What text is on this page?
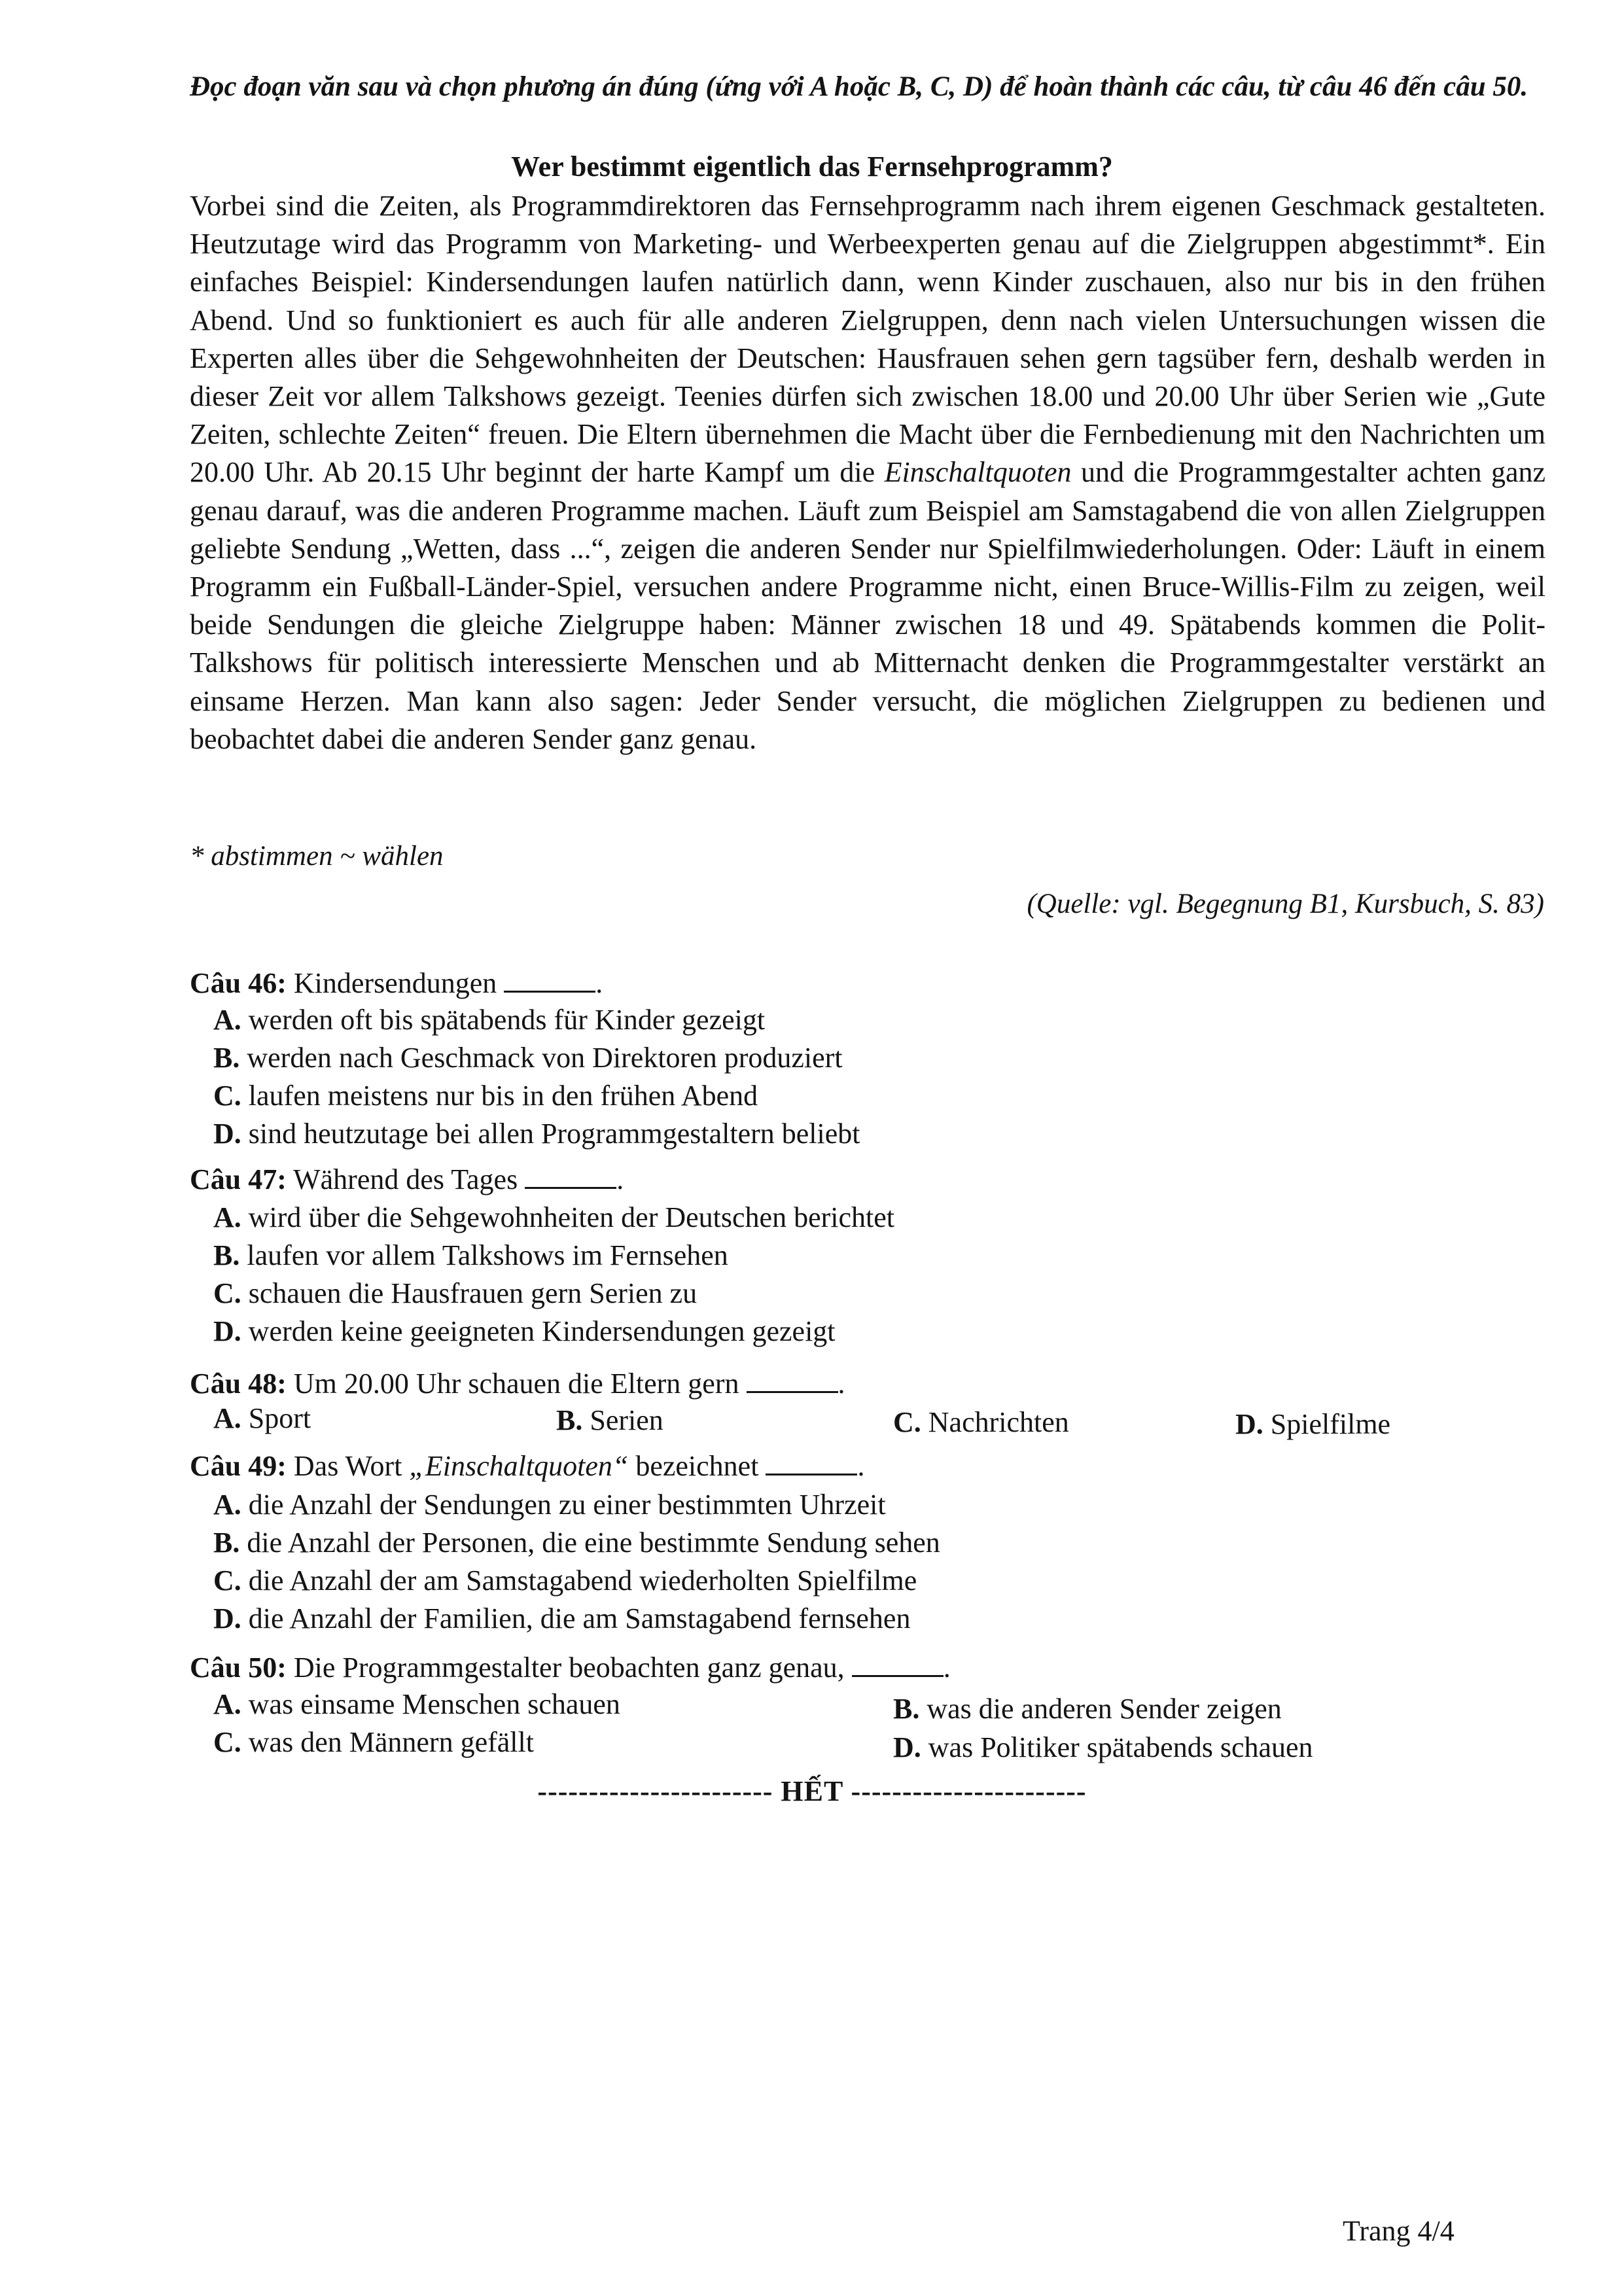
Đọc đoạn văn sau và chọn phương án đúng (ứng với A hoặc B, C, D) để hoàn thành các câu, từ câu 46 đến câu 50.
Wer bestimmt eigentlich das Fernsehprogramm?
Vorbei sind die Zeiten, als Programmdirektoren das Fernsehprogramm nach ihrem eigenen Geschmack gestalteten. Heutzutage wird das Programm von Marketing- und Werbeexperten genau auf die Zielgruppen abgestimmt*. Ein einfaches Beispiel: Kindersendungen laufen natürlich dann, wenn Kinder zuschauen, also nur bis in den frühen Abend. Und so funktioniert es auch für alle anderen Zielgruppen, denn nach vielen Untersuchungen wissen die Experten alles über die Sehgewohnheiten der Deutschen: Hausfrauen sehen gern tagsüber fern, deshalb werden in dieser Zeit vor allem Talkshows gezeigt. Teenies dürfen sich zwischen 18.00 und 20.00 Uhr über Serien wie „Gute Zeiten, schlechte Zeiten“ freuen. Die Eltern übernehmen die Macht über die Fernbedienung mit den Nachrichten um 20.00 Uhr. Ab 20.15 Uhr beginnt der harte Kampf um die Einschaltquoten und die Programmgestalter achten ganz genau darauf, was die anderen Programme machen. Läuft zum Beispiel am Samstagabend die von allen Zielgruppen geliebte Sendung „Wetten, dass ...“, zeigen die anderen Sender nur Spielfilmwiederholungen. Oder: Läuft in einem Programm ein Fußball-Länder-Spiel, versuchen andere Programme nicht, einen Bruce-Willis-Film zu zeigen, weil beide Sendungen die gleiche Zielgruppe haben: Männer zwischen 18 und 49. Spätabends kommen die Polit-Talkshows für politisch interessierte Menschen und ab Mitternacht denken die Programmgestalter verstärkt an einsame Herzen. Man kann also sagen: Jeder Sender versucht, die möglichen Zielgruppen zu bedienen und beobachtet dabei die anderen Sender ganz genau.
* abstimmen ~ wählen
(Quelle: vgl. Begegnung B1, Kursbuch, S. 83)
Câu 46: Kindersendungen	.
A. werden oft bis spätabends für Kinder gezeigt
B. werden nach Geschmack von Direktoren produziert
C. laufen meistens nur bis in den frühen Abend
D. sind heutzutage bei allen Programmgestaltern beliebt
Câu 47: Während des Tages	.
A. wird über die Sehgewohnheiten der Deutschen berichtet
B. laufen vor allem Talkshows im Fernsehen
C. schauen die Hausfrauen gern Serien zu
D. werden keine geeigneten Kindersendungen gezeigt
Câu 48: Um 20.00 Uhr schauen die Eltern gern	.
A. Sport	B. Serien	C. Nachrichten	D. Spielfilme
Câu 49: Das Wort „Einschaltquoten“ bezeichnet	.
A. die Anzahl der Sendungen zu einer bestimmten Uhrzeit
B. die Anzahl der Personen, die eine bestimmte Sendung sehen
C. die Anzahl der am Samstagabend wiederholten Spielfilme
D. die Anzahl der Familien, die am Samstagabend fernsehen
Câu 50: Die Programmgestalter beobachten ganz genau,	.
A. was einsame Menschen schauen	B. was die anderen Sender zeigen
C. was den Männern gefällt	D. was Politiker spätabends schauen
----------------------- HẾT -----------------------
Trang 4/4
